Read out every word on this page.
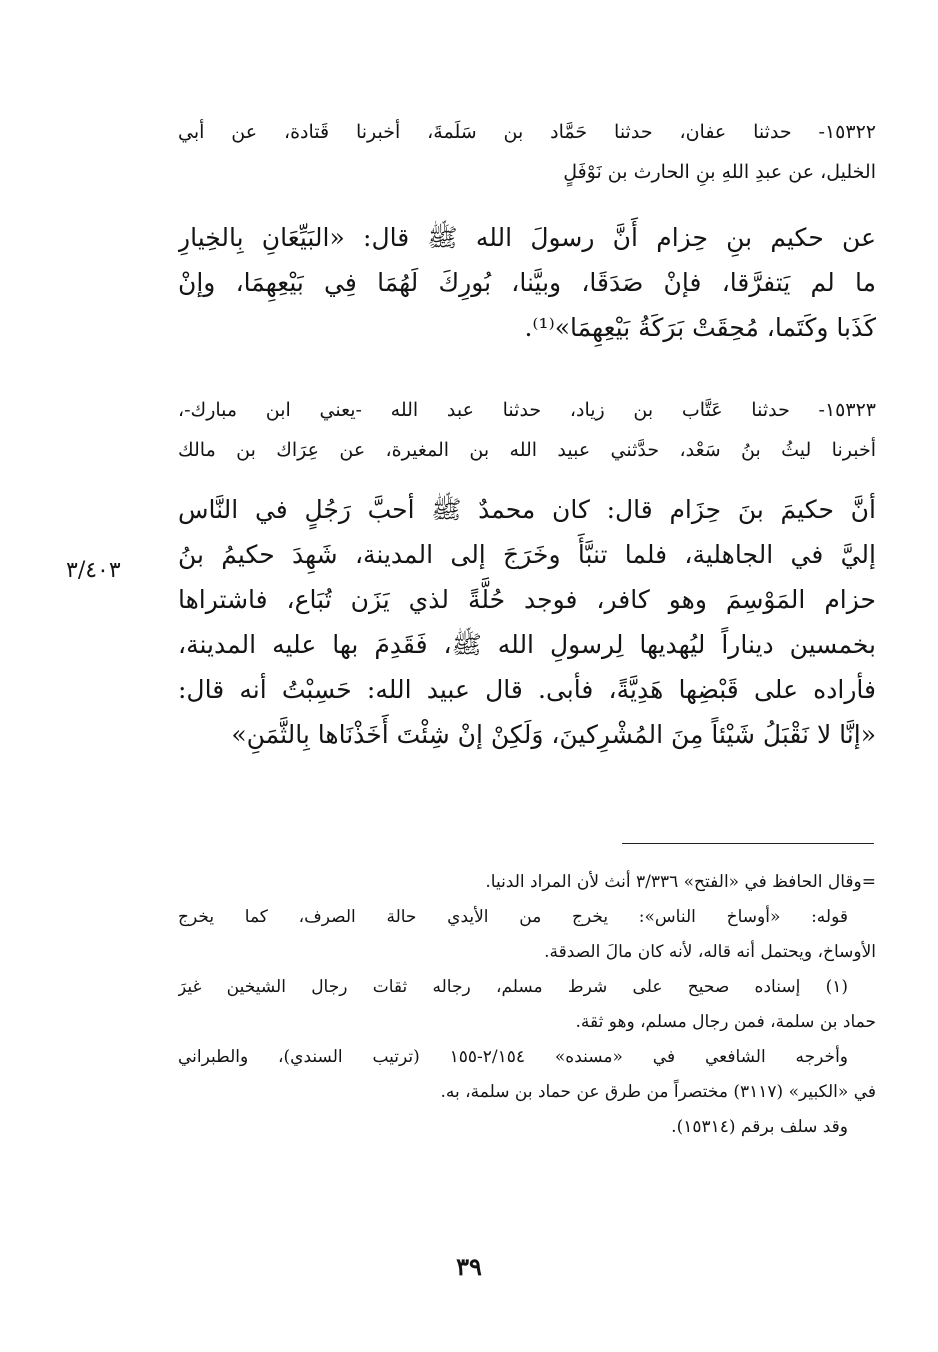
١٥٣٢٢- حدثنا عفان، حدثنا حَمَّاد بن سَلَمةَ، أخبرنا قَتادة، عن أبي
الخليل، عن عبدِ اللهِ بنِ الحارث بن نَوْفَلٍ
عن حكيم بنِ حِزام أَنَّ رسولَ الله ﷺ قال: «البَيِّعَانِ بِالخِيارِ
ما لم يَتفرَّقا، فإنْ صَدَقَا، وبيَّنا، بُورِكَ لَهُمَا فِي بَيْعِهِمَا، وإنْ
كَذَبا وكَتَما، مُحِقَتْ بَرَكَةُ بَيْعِهِمَا»⁽¹⁾.
١٥٣٢٣- حدثنا عَتَّاب بن زياد، حدثنا عبد الله -يعني ابن مبارك-،
أخبرنا ليثُ بنُ سَعْد، حدَّثني عبيد الله بن المغيرة، عن عِرَاك بن مالك
أنَّ حكيمَ بنَ حِزَام قال: كان محمدٌ ﷺ أحبَّ رَجُلٍ في النَّاس
إليَّ في الجاهلية، فلما تنبَّأَ وخَرَجَ إلى المدينة، شَهِدَ حكيمُ بنُ
حزام المَوْسِمَ وهو كافر، فوجد حُلَّةً لذي يَزَن تُبَاع، فاشتراها
بخمسين ديناراً ليُهديها لِرسولِ الله ﷺ، فَقَدِمَ بها عليه المدينة،
فأراده على قَبْضِها هَدِيَّةً، فأبى. قال عبيد الله: حَسِبْتُ أنه قال:
«إنَّا لا نَقْبَلُ شَيْئاً مِنَ المُشْرِكينَ، وَلَكِنْ إنْ شِئْتَ أَخَذْنَاها بِالثَّمَنِ»
٣/٤٠٣
=وقال الحافظ في «الفتح» ٣/٣٣٦ أنث لأن المراد الدنيا.
قوله: «أوساخ الناس»: يخرج من الأيدي حالة الصرف، كما يخرج
الأوساخ، ويحتمل أنه قاله، لأنه كان مالَ الصدقة.
(١) إسناده صحيح على شرط مسلم، رجاله ثقات رجال الشيخين غيرَ
حماد بن سلمة، فمن رجال مسلم، وهو ثقة.
وأخرجه الشافعي في «مسنده» ٢/١٥٤-١٥٥ (ترتيب السندي)، والطبراني
في «الكبير» (٣١١٧) مختصراً من طرق عن حماد بن سلمة، به.
وقد سلف برقم (١٥٣١٤).
٣٩
